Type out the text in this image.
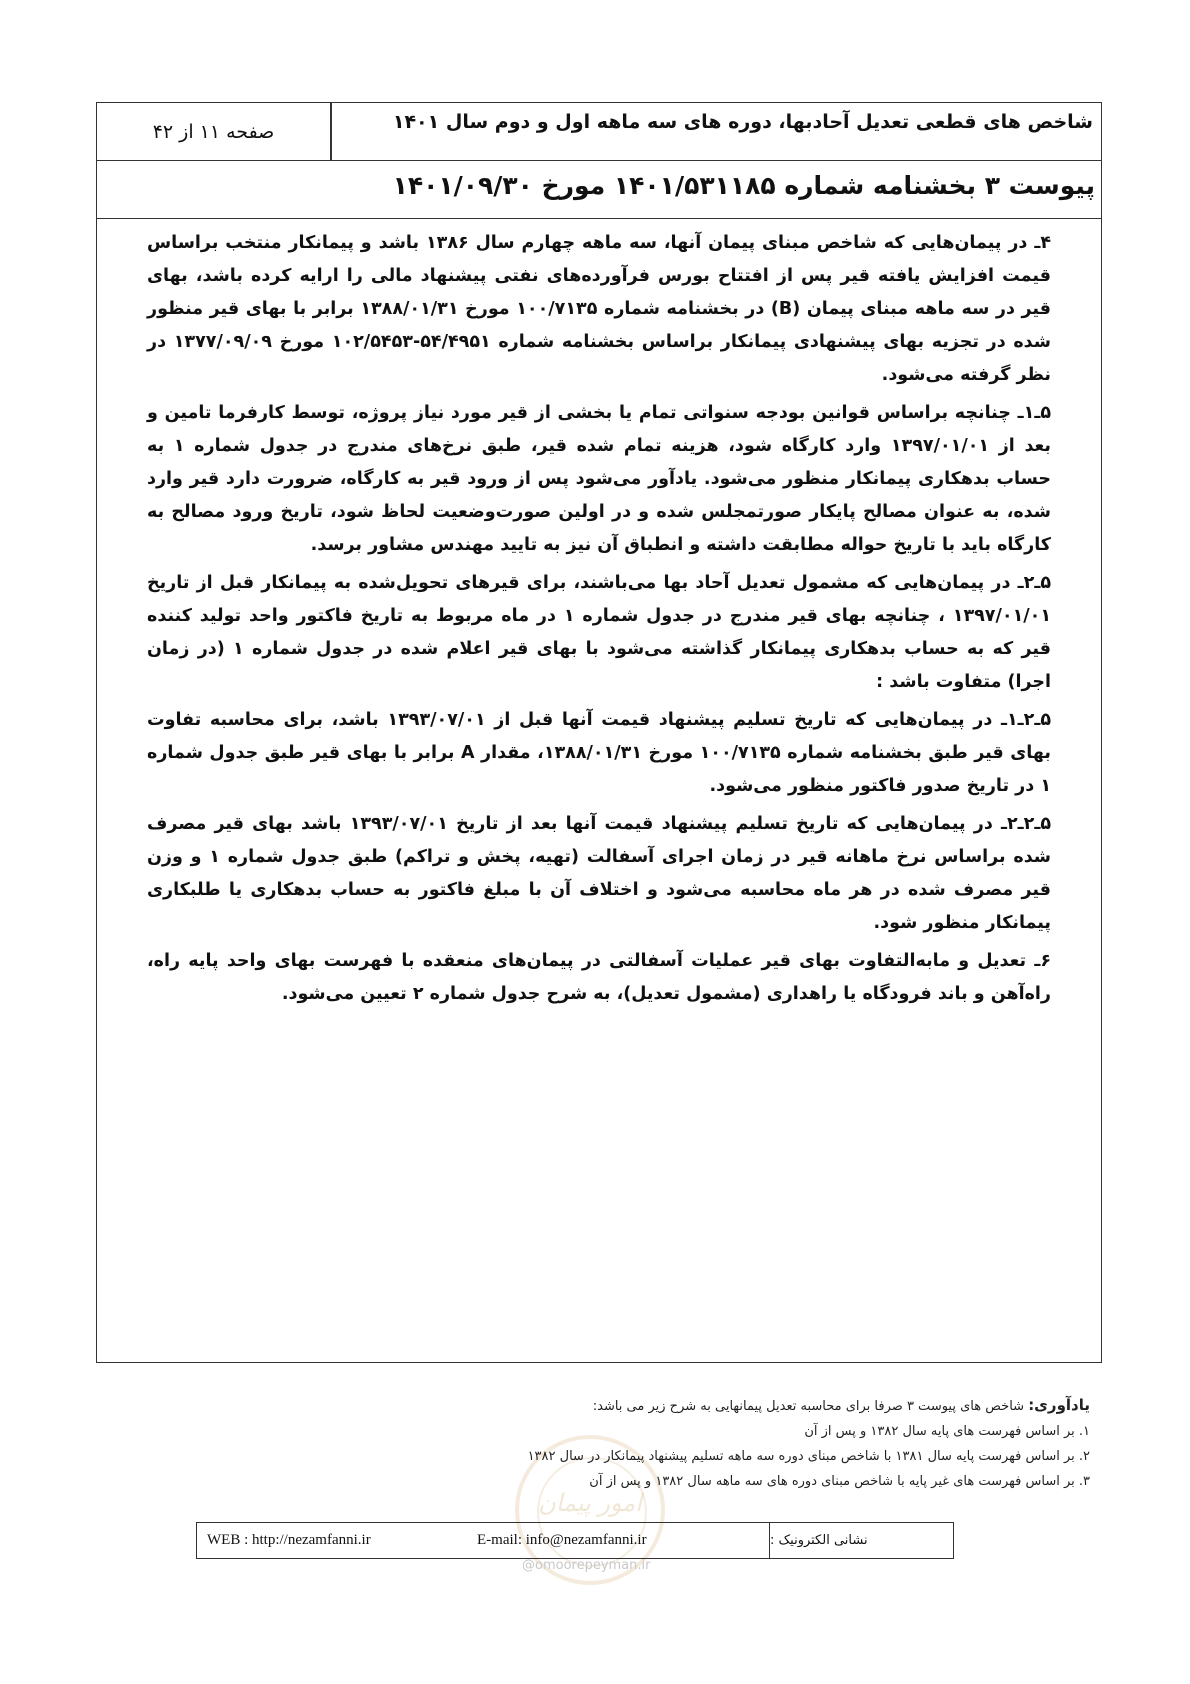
شاخص های قطعی تعدیل آحادبها، دوره های سه ماهه اول و دوم سال ۱۴۰۱
صفحه ۱۱ از ۴۲
پیوست ۳ بخشنامه شماره ۱۴۰۱/۵۳۱۱۸۵ مورخ ۱۴۰۱/۰۹/۳۰

۴ـ در پیمان‌هایی که شاخص مبنای پیمان آنها، سه ماهه چهارم سال ۱۳۸۶ باشد و پیمانکار منتخب براساس قیمت افزایش یافته قیر پس از افتتاح بورس فرآورده‌های نفتی پیشنهاد مالی را ارایه کرده باشد، بهای قیر در سه ماهه مبنای پیمان (B) در بخشنامه شماره ۱۰۰/۷۱۳۵ مورخ ۱۳۸۸/۰۱/۳۱ برابر با بهای قیر منظور شده در تجزیه بهای پیشنهادی پیمانکار براساس بخشنامه شماره ۵۴/۴۹۵۱-۱۰۲/۵۴۵۳ مورخ ۱۳۷۷/۰۹/۰۹ در نظر گرفته می‌شود.

۵ـ۱ـ چنانچه براساس قوانین بودجه سنواتی تمام یا بخشی از قیر مورد نیاز پروژه، توسط کارفرما تامین و بعد از ۱۳۹۷/۰۱/۰۱ وارد کارگاه شود، هزینه تمام شده قیر، طبق نرخ‌های مندرج در جدول شماره ۱ به حساب بدهکاری پیمانکار منظور می‌شود. یادآور می‌شود پس از ورود قیر به کارگاه، ضرورت دارد قیر وارد شده، به عنوان مصالح پایکار صورتمجلس شده و در اولین صورت‌وضعیت لحاظ شود، تاریخ ورود مصالح به کارگاه باید با تاریخ حواله مطابقت داشته و انطباق آن نیز به تایید مهندس مشاور برسد.

۵ـ۲ـ در پیمان‌هایی که مشمول تعدیل آحاد بها می‌باشند، برای قیرهای تحویل‌شده به پیمانکار قبل از تاریخ ۱۳۹۷/۰۱/۰۱ ، چنانچه بهای قیر مندرج در جدول شماره ۱ در ماه مربوط به تاریخ فاکتور واحد تولید کننده قیر که به حساب بدهکاری پیمانکار گذاشته می‌شود با بهای قیر اعلام شده در جدول شماره ۱ (در زمان اجرا) متفاوت باشد :

۵ـ۲ـ۱ـ در پیمان‌هایی که تاریخ تسلیم پیشنهاد قیمت آنها قبل از ۱۳۹۳/۰۷/۰۱ باشد، برای محاسبه تفاوت بهای قیر طبق بخشنامه شماره ۱۰۰/۷۱۳۵ مورخ ۱۳۸۸/۰۱/۳۱، مقدار A برابر با بهای قیر طبق جدول شماره ۱ در تاریخ صدور فاکتور منظور می‌شود.

۵ـ۲ـ۲ـ در پیمان‌هایی که تاریخ تسلیم پیشنهاد قیمت آنها بعد از تاریخ ۱۳۹۳/۰۷/۰۱ باشد بهای قیر مصرف شده براساس نرخ ماهانه قیر در زمان اجرای آسفالت (تهیه، پخش و تراکم) طبق جدول شماره ۱ و وزن قیر مصرف شده در هر ماه محاسبه می‌شود و اختلاف آن با مبلغ فاکتور به حساب بدهکاری یا طلبکاری پیمانکار منظور شود.

۶ـ تعدیل و مابه‌التفاوت بهای قیر عملیات آسفالتی در پیمان‌های منعقده با فهرست بهای واحد پایه راه، راه‌آهن و باند فرودگاه یا راهداری (مشمول تعدیل)، به شرح جدول شماره ۲ تعیین می‌شود.

امور پیمان
یادآوری: شاخص های پیوست ۳ صرفا برای محاسبه تعدیل پیمانهایی به شرح زیر می باشد:
۱. بر اساس فهرست های پایه سال ۱۳۸۲ و پس از آن
۲. بر اساس فهرست پایه سال ۱۳۸۱ با شاخص مبنای دوره سه ماهه تسلیم پیشنهاد پیمانکار در سال ۱۳۸۲
۳. بر اساس فهرست های غیر پایه با شاخص مبنای دوره های سه ماهه سال ۱۳۸۲ و پس از آن
WEB : http://nezamfanni.ir	E-mail: info@nezamfanni.ir	نشانی الکترونیک :
@omoorepeyman.ir
